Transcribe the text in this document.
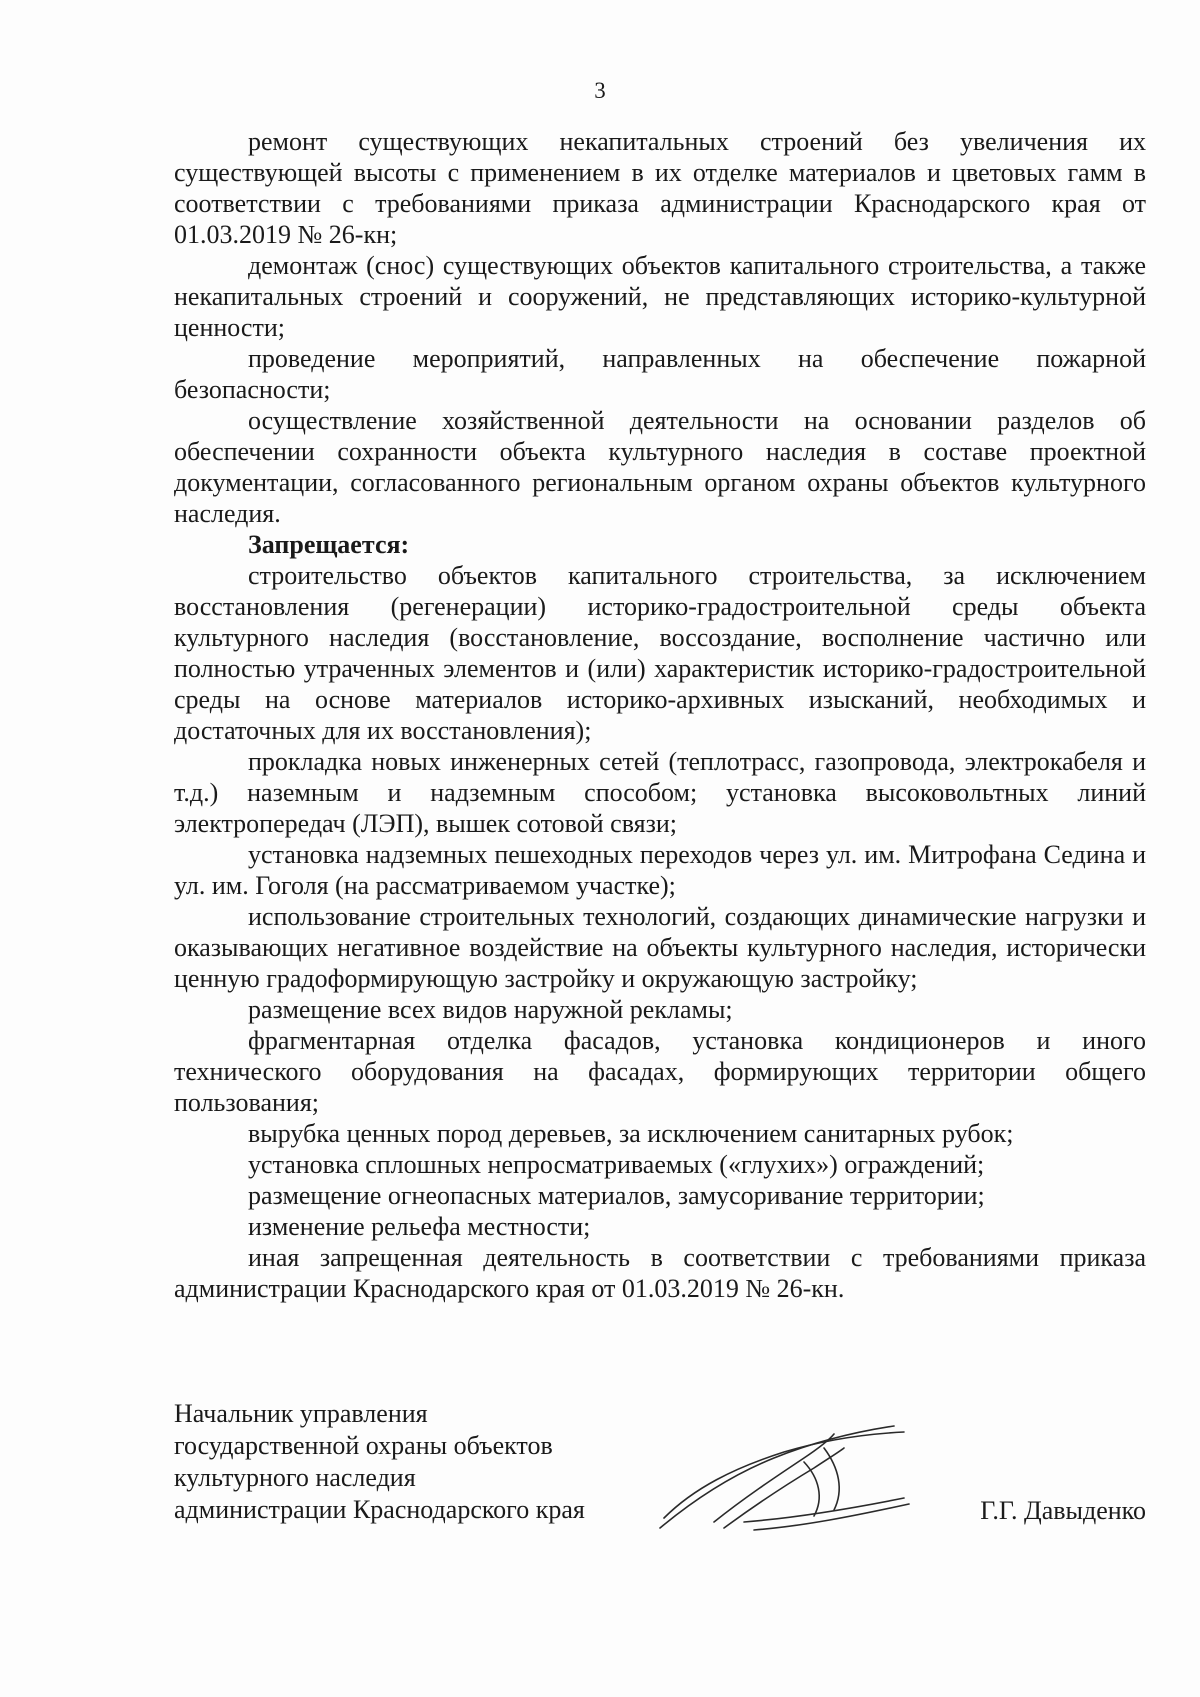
3

ремонт существующих некапитальных строений без увеличения их существующей высоты с применением в их отделке материалов и цветовых гамм в соответствии с требованиями приказа администрации Краснодарского края от 01.03.2019 № 26-кн;

демонтаж (снос) существующих объектов капитального строительства, а также некапитальных строений и сооружений, не представляющих историко-культурной ценности;

проведение мероприятий, направленных на обеспечение пожарной безопасности;

осуществление хозяйственной деятельности на основании разделов об обеспечении сохранности объекта культурного наследия в составе проектной документации, согласованного региональным органом охраны объектов культурного наследия.

Запрещается:

строительство объектов капитального строительства, за исключением восстановления (регенерации) историко-градостроительной среды объекта культурного наследия (восстановление, воссоздание, восполнение частично или полностью утраченных элементов и (или) характеристик историко-градостроительной среды на основе материалов историко-архивных изысканий, необходимых и достаточных для их восстановления);

прокладка новых инженерных сетей (теплотрасс, газопровода, электрокабеля и т.д.) наземным и надземным способом; установка высоковольтных линий электропередач (ЛЭП), вышек сотовой связи;

установка надземных пешеходных переходов через ул. им. Митрофана Седина и ул. им. Гоголя (на рассматриваемом участке);

использование строительных технологий, создающих динамические нагрузки и оказывающих негативное воздействие на объекты культурного наследия, исторически ценную градоформирующую застройку и окружающую застройку;

размещение всех видов наружной рекламы;

фрагментарная отделка фасадов, установка кондиционеров и иного технического оборудования на фасадах, формирующих территории общего пользования;

вырубка ценных пород деревьев, за исключением санитарных рубок;

установка сплошных непросматриваемых («глухих») ограждений;

размещение огнеопасных материалов, замусоривание территории;

изменение рельефа местности;

иная запрещенная деятельность в соответствии с требованиями приказа администрации Краснодарского края от 01.03.2019 № 26-кн.

Начальник управления
государственной охраны объектов
культурного наследия
администрации Краснодарского края	Г.Г. Давыденко
